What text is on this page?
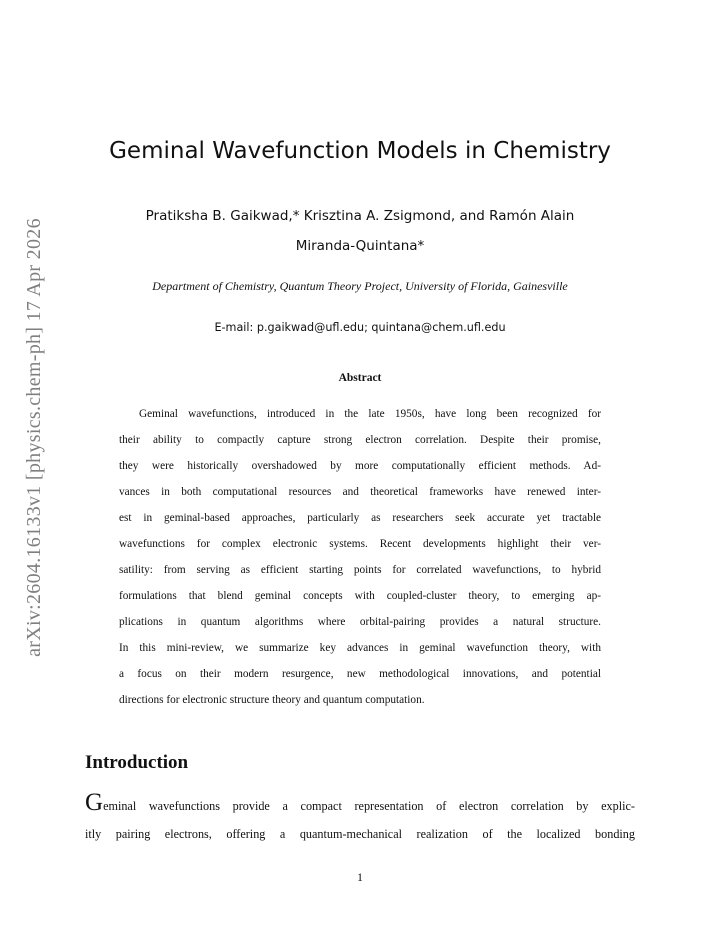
arXiv:2604.16133v1 [physics.chem-ph] 17 Apr 2026
Geminal Wavefunction Models in Chemistry
Pratiksha B. Gaikwad,* Krisztina A. Zsigmond, and Ramón Alain
Miranda-Quintana*

Department of Chemistry, Quantum Theory Project, University of Florida, Gainesville

E-mail: p.gaikwad@ufl.edu; quintana@chem.ufl.edu

Abstract

Geminal wavefunctions, introduced in the late 1950s, have long been recognized for
their ability to compactly capture strong electron correlation. Despite their promise,
they were historically overshadowed by more computationally efficient methods. Ad-
vances in both computational resources and theoretical frameworks have renewed inter-
est in geminal-based approaches, particularly as researchers seek accurate yet tractable
wavefunctions for complex electronic systems. Recent developments highlight their ver-
satility: from serving as efficient starting points for correlated wavefunctions, to hybrid
formulations that blend geminal concepts with coupled-cluster theory, to emerging ap-
plications in quantum algorithms where orbital-pairing provides a natural structure.
In this mini-review, we summarize key advances in geminal wavefunction theory, with
a focus on their modern resurgence, new methodological innovations, and potential
directions for electronic structure theory and quantum computation.
Introduction
Geminal wavefunctions provide a compact representation of electron correlation by explic-
itly pairing electrons, offering a quantum-mechanical realization of the localized bonding

1
